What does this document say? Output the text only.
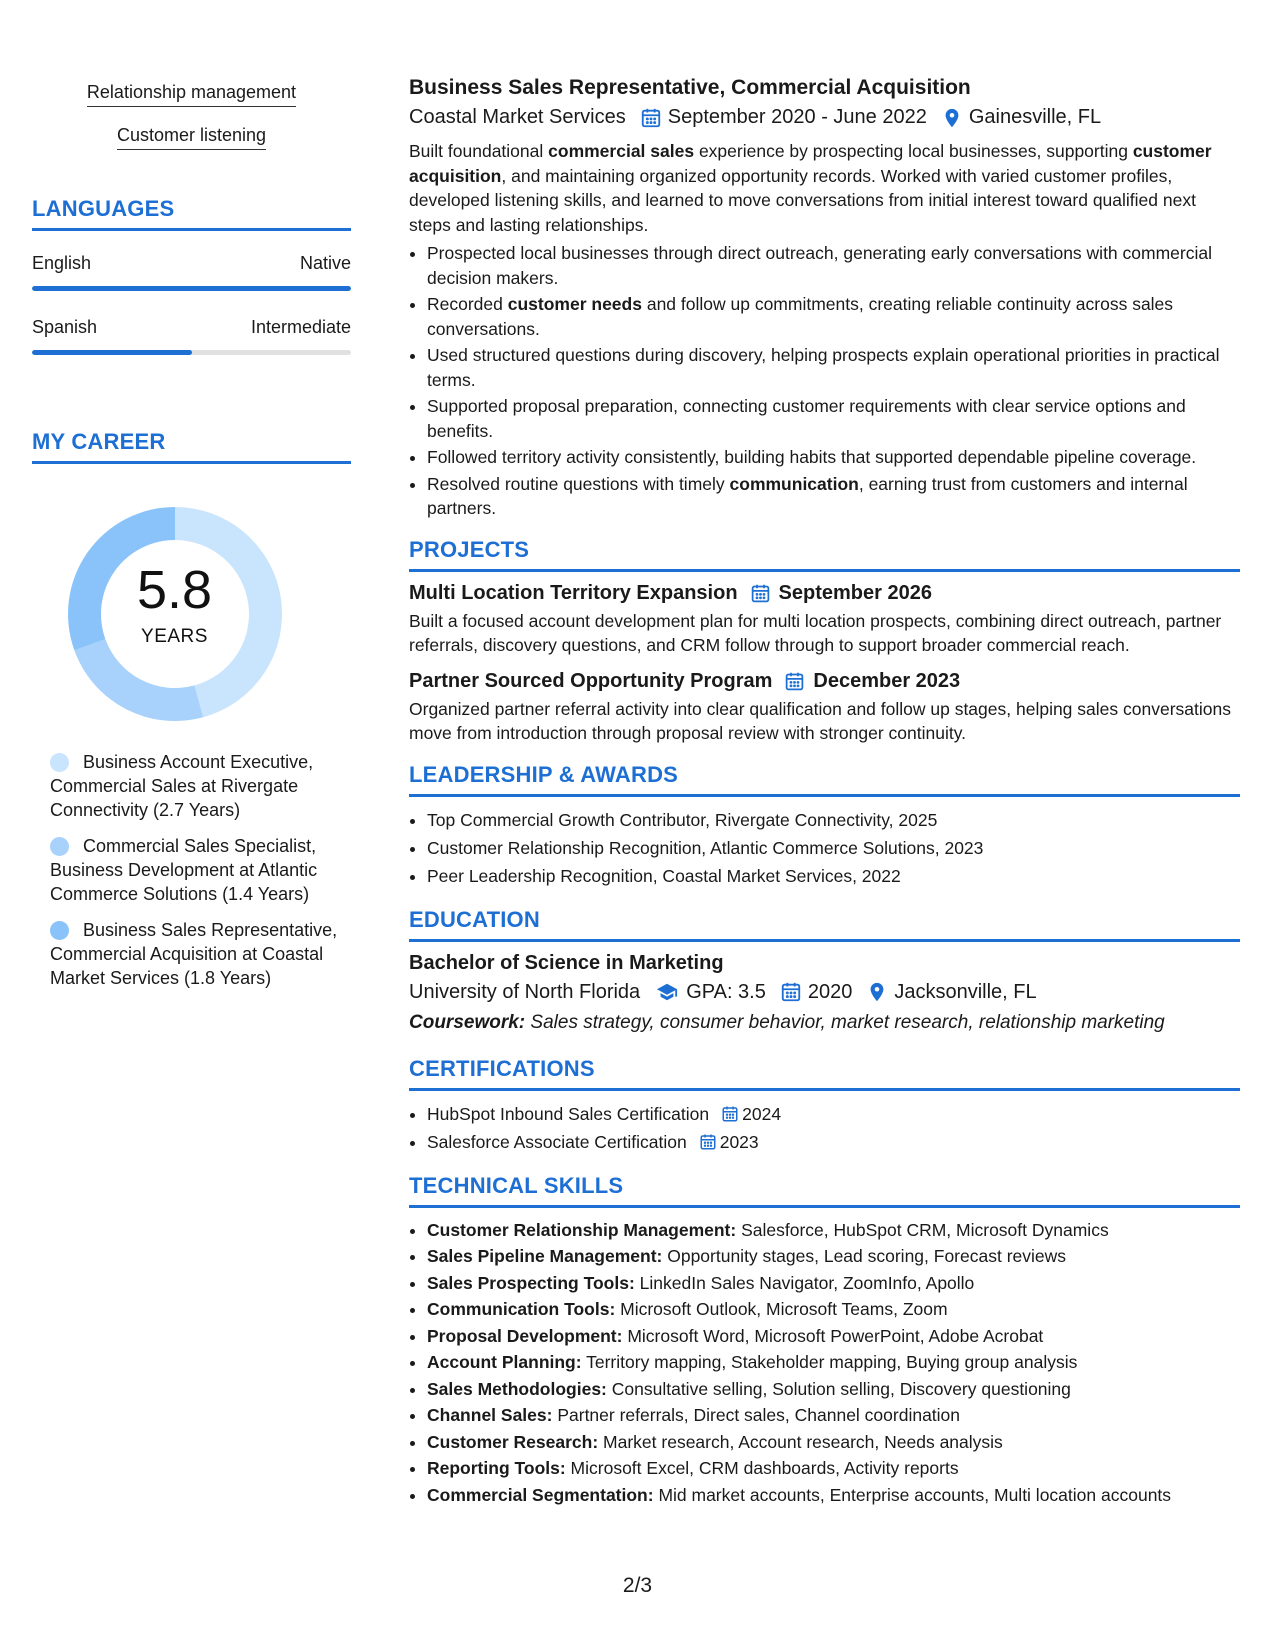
Relationship management
Customer listening
LANGUAGES
English	Native
Spanish	Intermediate
MY CAREER
5.8
YEARS
Business Account Executive, Commercial Sales at Rivergate Connectivity (2.7 Years)
Commercial Sales Specialist, Business Development at Atlantic Commerce Solutions (1.4 Years)
Business Sales Representative, Commercial Acquisition at Coastal Market Services (1.8 Years)
Business Sales Representative, Commercial Acquisition
Coastal Market Services September 2020 - June 2022 Gainesville, FL

Built foundational commercial sales experience by prospecting local businesses, supporting customer acquisition, and maintaining organized opportunity records. Worked with varied customer profiles, developed listening skills, and learned to move conversations from initial interest toward qualified next steps and lasting relationships.

• Prospected local businesses through direct outreach, generating early conversations with commercial decision makers.
• Recorded customer needs and follow up commitments, creating reliable continuity across sales conversations.
• Used structured questions during discovery, helping prospects explain operational priorities in practical terms.
• Supported proposal preparation, connecting customer requirements with clear service options and benefits.
• Followed territory activity consistently, building habits that supported dependable pipeline coverage.
• Resolved routine questions with timely communication, earning trust from customers and internal partners.
PROJECTS
Multi Location Territory Expansion September 2026

Built a focused account development plan for multi location prospects, combining direct outreach, partner referrals, discovery questions, and CRM follow through to support broader commercial reach.

Partner Sourced Opportunity Program December 2023

Organized partner referral activity into clear qualification and follow up stages, helping sales conversations move from introduction through proposal review with stronger continuity.

LEADERSHIP & AWARDS
• Top Commercial Growth Contributor, Rivergate Connectivity, 2025
• Customer Relationship Recognition, Atlantic Commerce Solutions, 2023
• Peer Leadership Recognition, Coastal Market Services, 2022
EDUCATION
Bachelor of Science in Marketing
University of North Florida GPA: 3.5 2020 Jacksonville, FL
Coursework: Sales strategy, consumer behavior, market research, relationship marketing
CERTIFICATIONS
• HubSpot Inbound Sales Certification 2024
• Salesforce Associate Certification 2023
TECHNICAL SKILLS
• Customer Relationship Management: Salesforce, HubSpot CRM, Microsoft Dynamics
• Sales Pipeline Management: Opportunity stages, Lead scoring, Forecast reviews
• Sales Prospecting Tools: LinkedIn Sales Navigator, ZoomInfo, Apollo
• Communication Tools: Microsoft Outlook, Microsoft Teams, Zoom
• Proposal Development: Microsoft Word, Microsoft PowerPoint, Adobe Acrobat
• Account Planning: Territory mapping, Stakeholder mapping, Buying group analysis
• Sales Methodologies: Consultative selling, Solution selling, Discovery questioning
• Channel Sales: Partner referrals, Direct sales, Channel coordination
• Customer Research: Market research, Account research, Needs analysis
• Reporting Tools: Microsoft Excel, CRM dashboards, Activity reports
• Commercial Segmentation: Mid market accounts, Enterprise accounts, Multi location accounts
2/3
